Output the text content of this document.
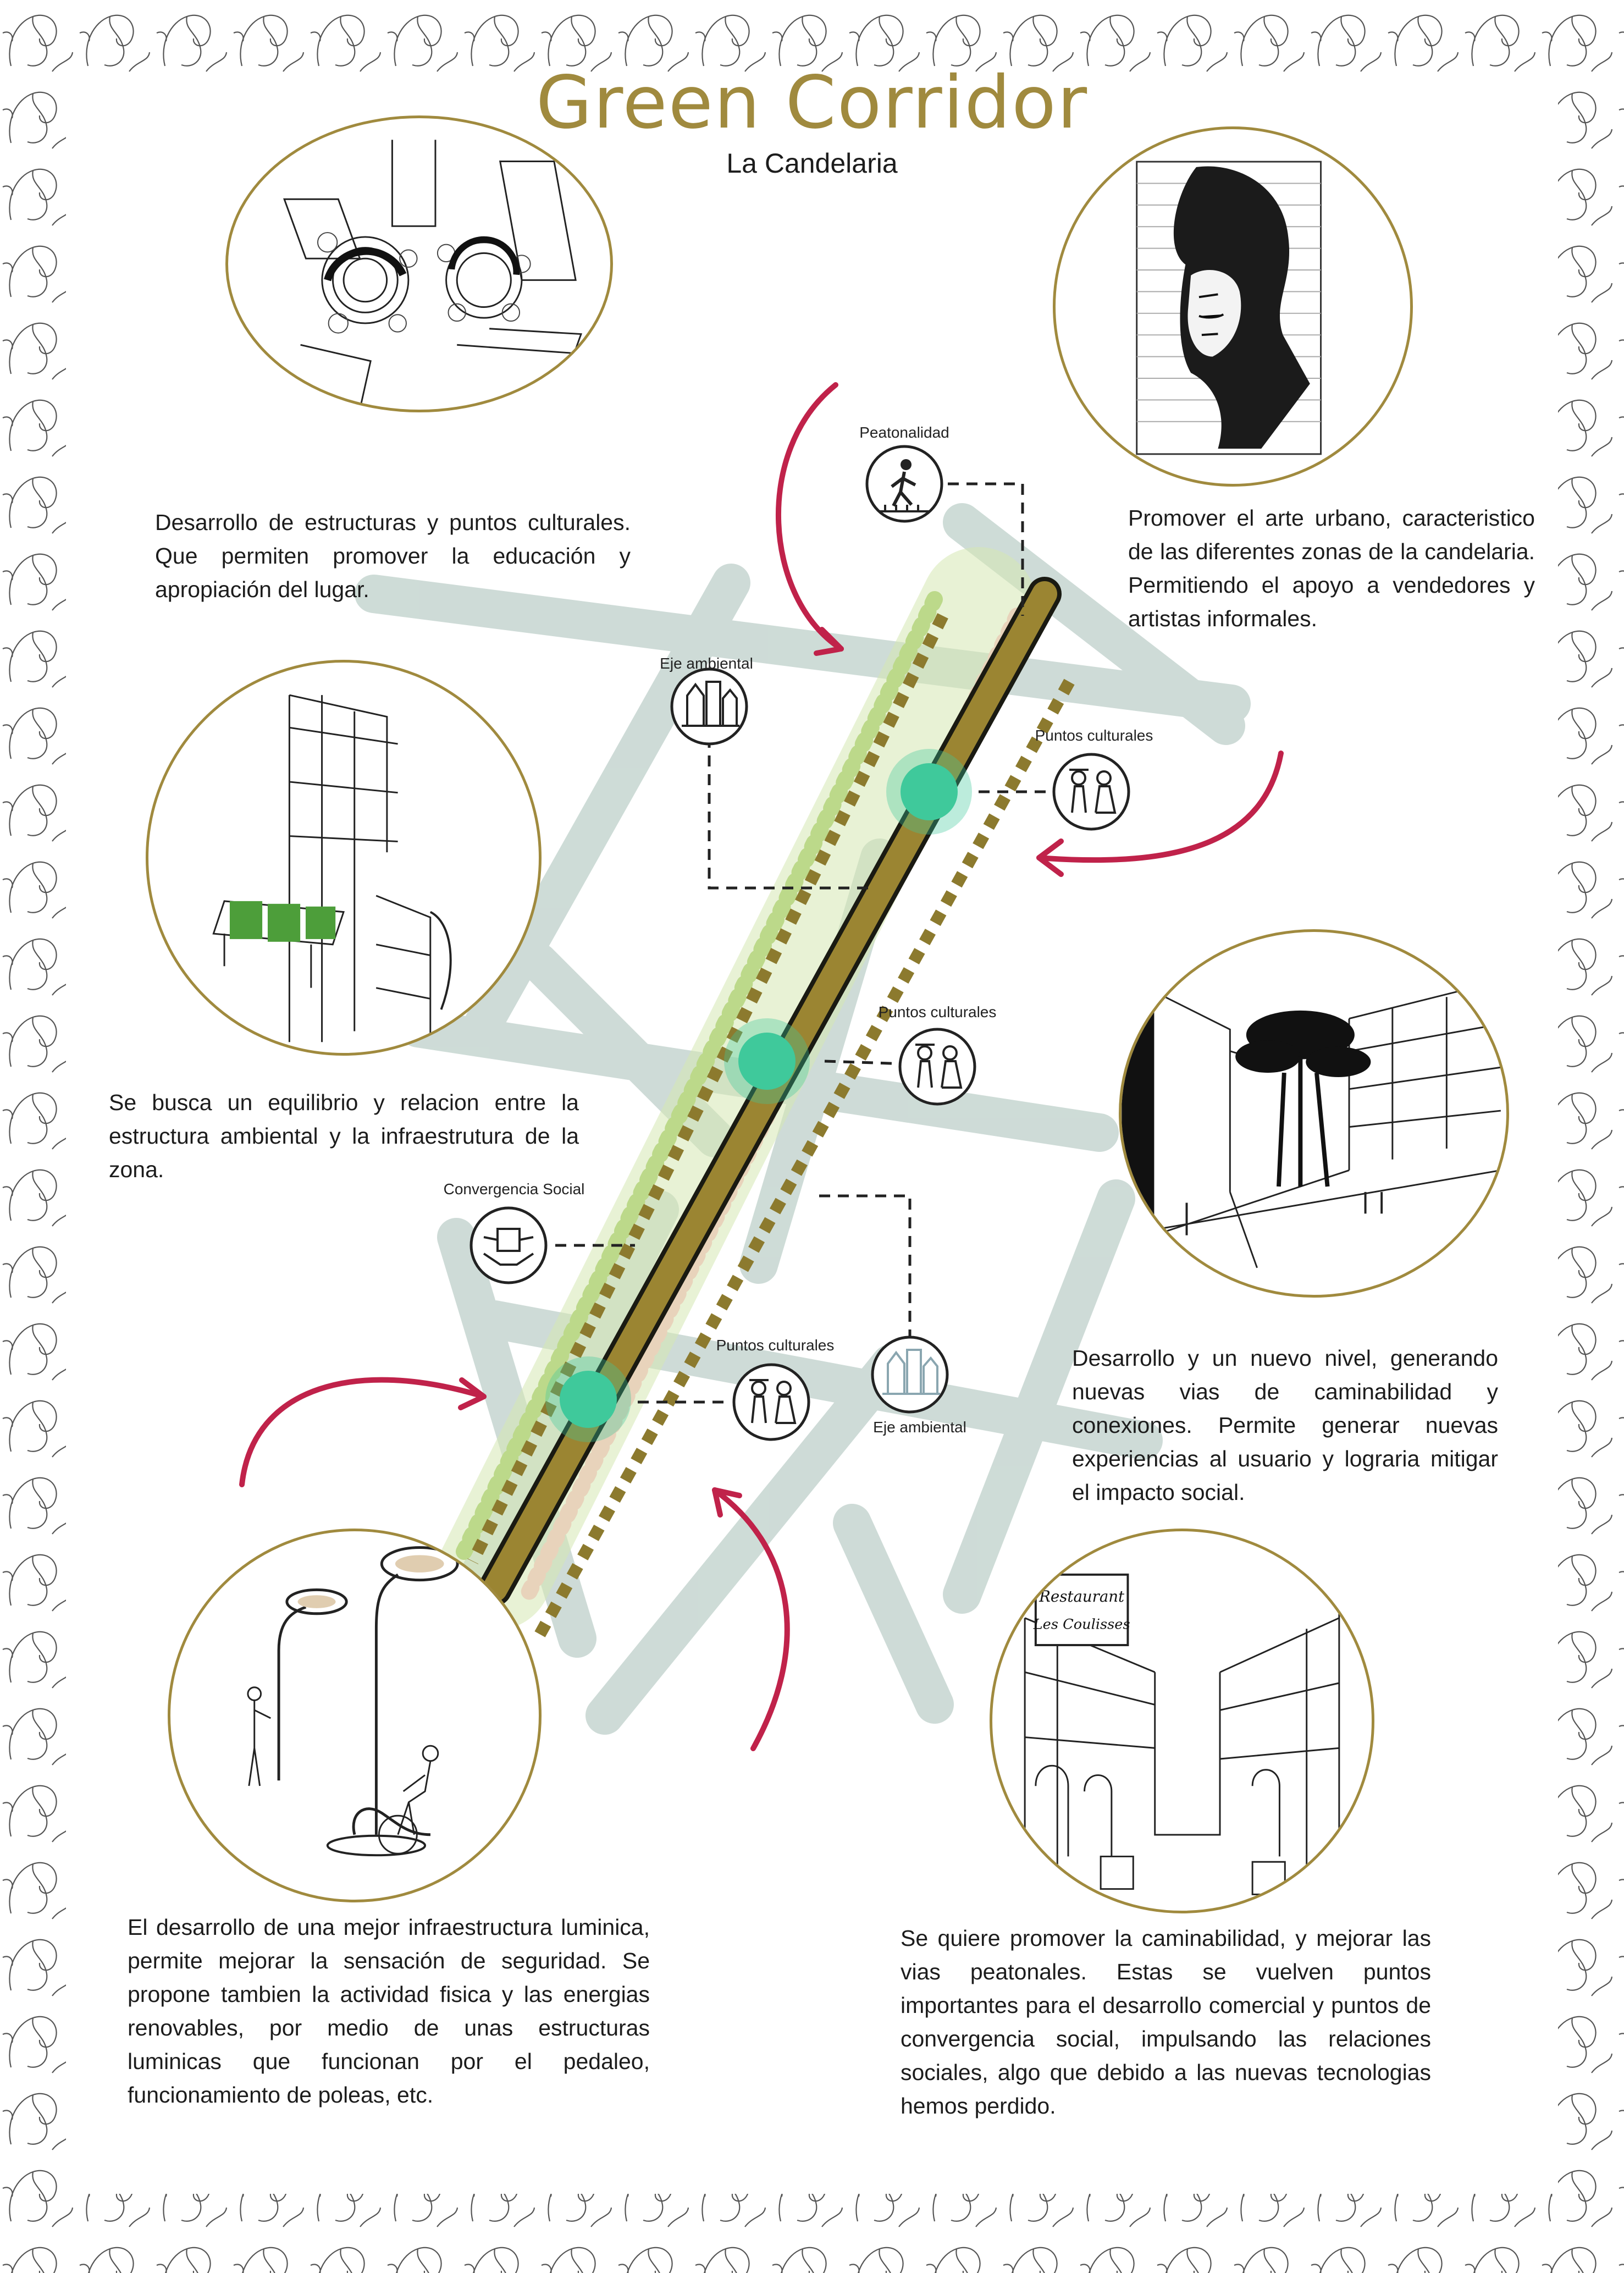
Green Corridor
La Candelaria
Peatonalidad
Eje ambiental
Puntos culturales
Puntos culturales
Convergencia Social
Puntos culturales
Eje ambiental
Restaurant
Les Coulisses
Desarrollo de estructuras y puntos culturales. Que permiten promover la educación y apropiación del lugar.
Promover el arte urbano, caracteristico de las diferentes zonas de la candelaria. Permitiendo el apoyo a vendedores y artistas informales.
Se busca un equilibrio y relacion entre la estructura ambiental y la infraestrutura de la zona.
Desarrollo y un nuevo nivel, generando nuevas vias de caminabilidad y conexiones. Permite generar nuevas experiencias al usuario y lograria mitigar el impacto social.
El desarrollo de una mejor infraestructura luminica, permite mejorar la sensación de seguridad. Se propone tambien la actividad fisica y las energias renovables, por medio de unas estructuras luminicas que funcionan por el pedaleo, funcionamiento de poleas, etc.
Se quiere promover la caminabilidad, y mejorar las vias peatonales. Estas se vuelven puntos importantes para el desarrollo comercial y puntos de convergencia social, impulsando las relaciones sociales, algo que debido a las nuevas tecnologias hemos perdido.
